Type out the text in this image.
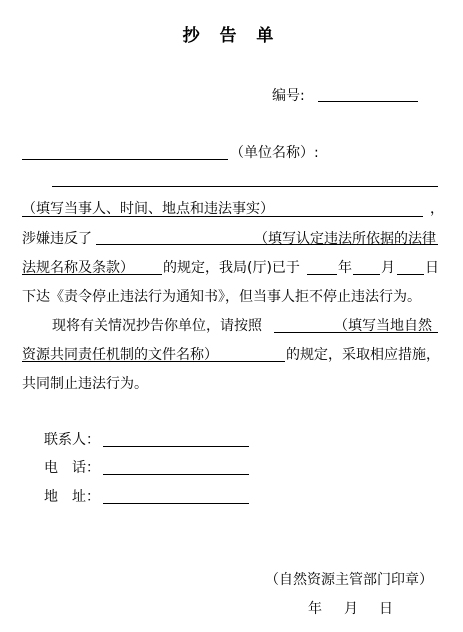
抄 告 单
编号:
（单位名称）:
（填写当事人、时间、地点和违法事实）	，
涉嫌违反了	（填写认定违法所依据的法律
法规名称及条款） 的规定，我局(厅)已于	年 月 日
下达《责令停止违法行为通知书》，但当事人拒不停止违法行为。
现将有关情况抄告你单位，请按照	（填写当地自然
资源共同责任机制的文件名称）	的规定，采取相应措施，
共同制止违法行为。
联系人：
电　话：
地　址：
（自然资源主管部门印章）
年 月 日
